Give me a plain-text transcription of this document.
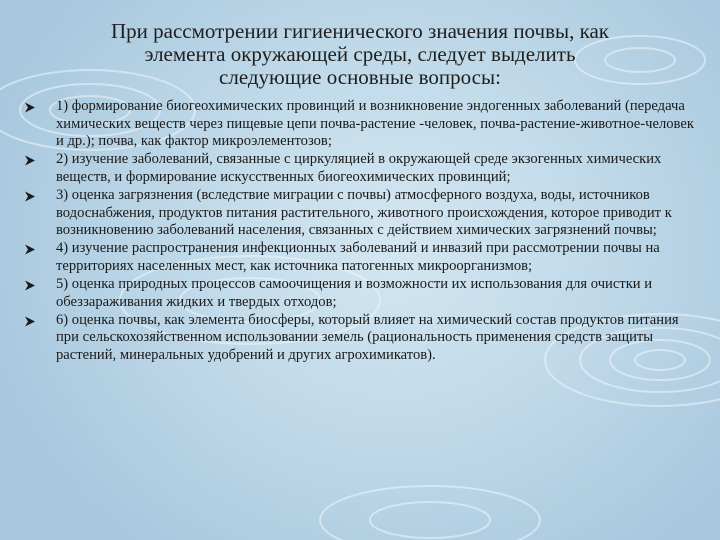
При рассмотрении гигиенического значения почвы, как
элемента окружающей среды, следует выделить
следующие основные вопросы:
1) формирование биогеохимических провинций и возникновение эндогенных заболеваний (передача химических веществ через пищевые цепи почва-растение -человек, почва-растение-животное-человек и др.); почва, как фактор микроэлементозов;
2) изучение заболеваний, связанные с циркуляцией в окружающей среде экзогенных химических веществ, и формирование искусственных биогеохимических провинций;
3) оценка загрязнения (вследствие миграции с почвы) атмосферного воздуха, воды, источников водоснабжения, продуктов питания растительного, животного происхождения, которое приводит к возникновению заболеваний населения, связанных с действием химических загрязнений почвы;
4) изучение распространения инфекционных заболеваний и инвазий при рассмотрении почвы на территориях населенных мест, как источника патогенных микроорганизмов;
5) оценка природных процессов самоочищения и возможности их использования для очистки и обеззараживания жидких и твердых отходов;
6) оценка почвы, как элемента биосферы, который влияет на химический состав продуктов питания при сельскохозяйственном использовании земель (рациональность применения средств защиты растений, минеральных удобрений и других агрохимикатов).
